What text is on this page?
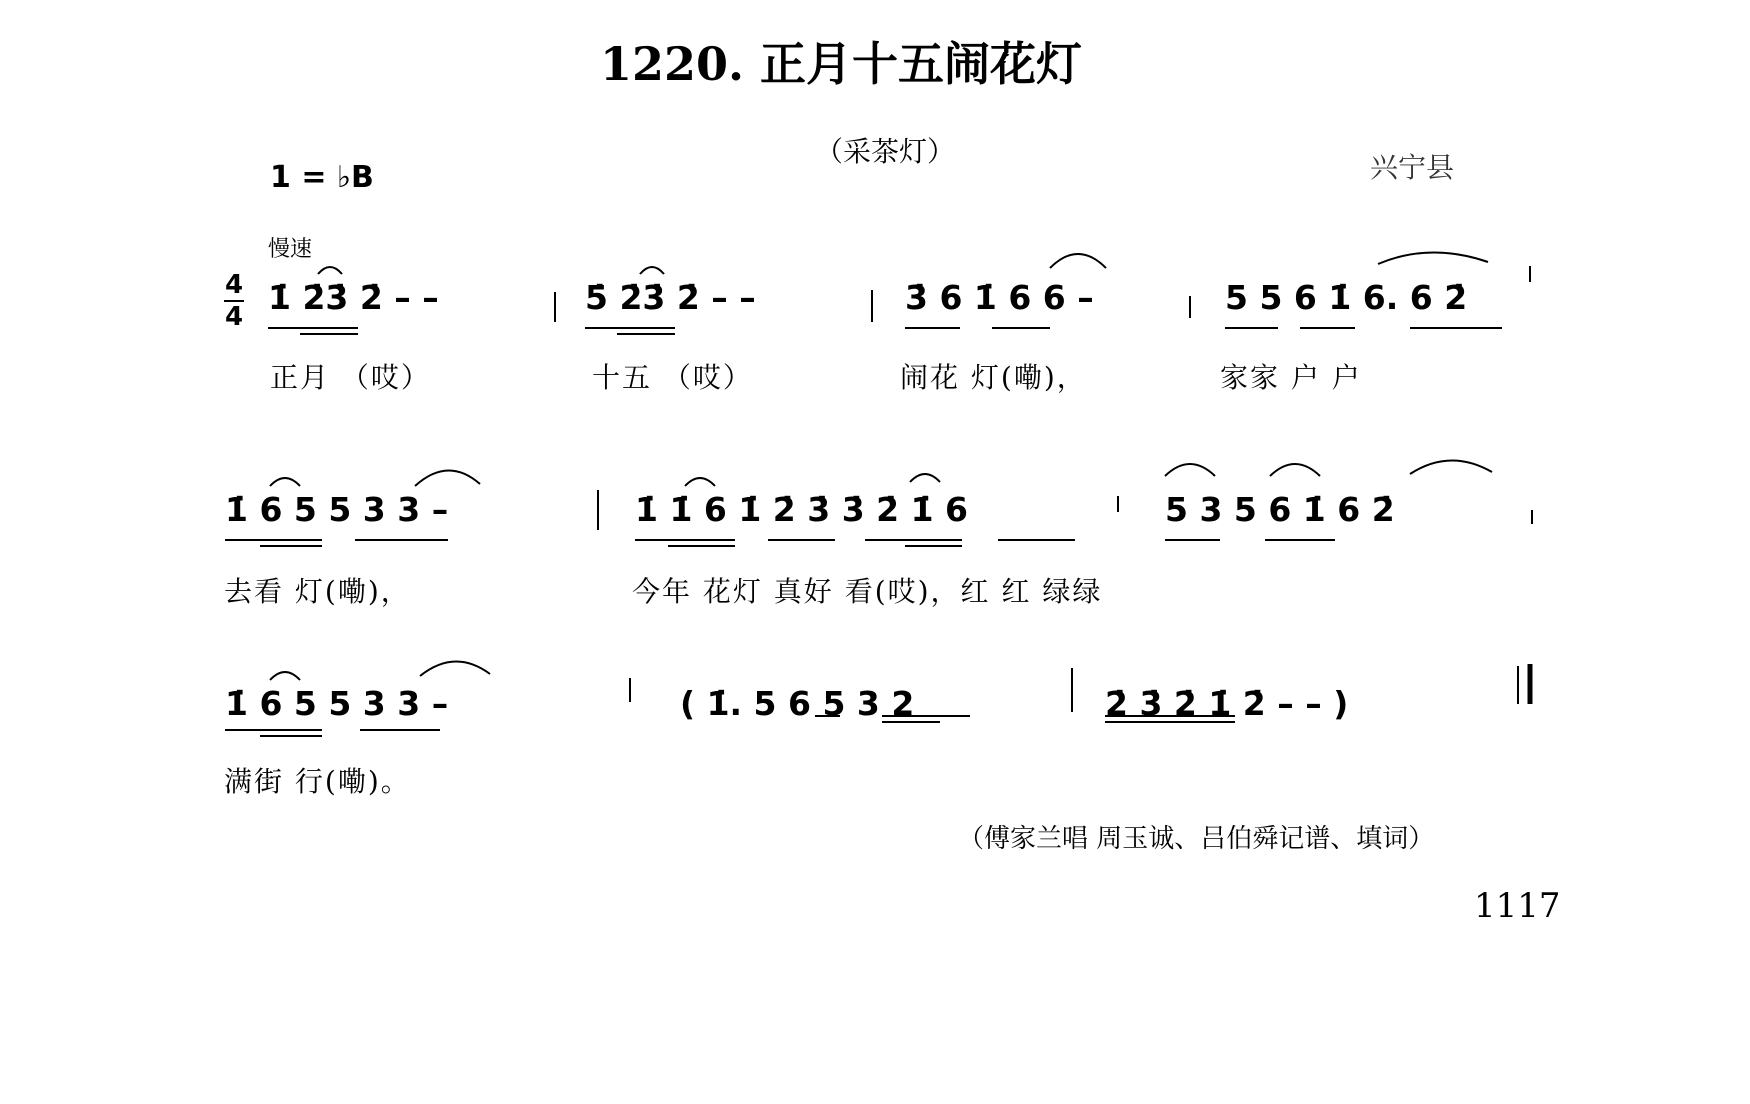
1220. 正月十五闹花灯
（采茶灯）	兴宁县
1 = ♭B
慢速
4
4 1̇ 2̇3̇ 2̇ – –	5̇ 2̇3̇ 2̇ – –	3̇ 6 1̇ 6 6 –	5 5 6 1̇ 6. 6 2̇
正月 （哎）	十五 （哎）	闹花 灯(嘞)，	家家 户 户
1̇ 6 5 5 3 3 –	1̇ 1̇ 6 1̇ 2̇ 3̇ 3̇ 2̇ 1̇ 6	5 3 5 6 1̇ 6 2̇
去看 灯(嘞)，	今年 花灯 真好 看(哎)，红 红 绿绿
1̇ 6 5 5 3 3 –	( 1̇. 5 6 5 3 2	2̇ 3̇ 2̇ 1̇ 2̇ – – )
满街 行(嘞)。
（傅家兰唱 周玉诚、吕伯舜记谱、填词）
1117
